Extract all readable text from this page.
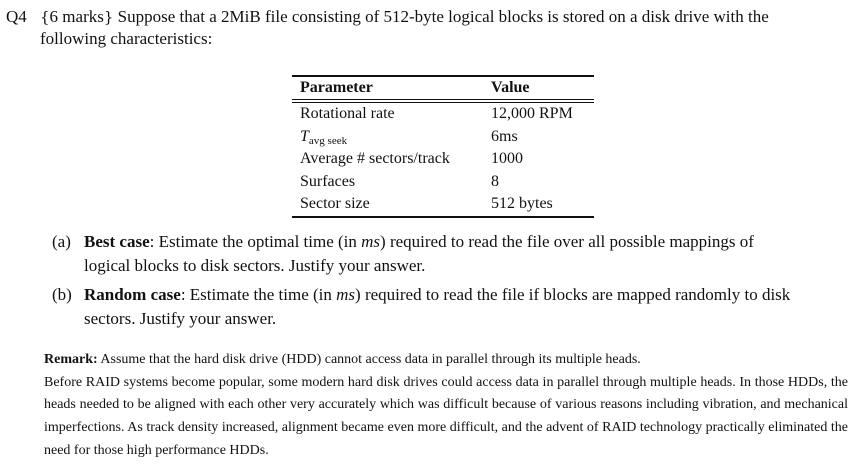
Q4 {6 marks} Suppose that a 2MiB file consisting of 512-byte logical blocks is stored on a disk drive with the
following characteristics:
Parameter	Value
Rotational rate	12,000 RPM
$T_{avg seek}$	6ms
Average # sectors/track	1000
Surfaces	8
Sector size	512 bytes
(a) Best case: Estimate the optimal time (in ms) required to read the file over all possible mappings of
logical blocks to disk sectors. Justify your answer.
(b) Random case: Estimate the time (in ms) required to read the file if blocks are mapped randomly to disk
sectors. Justify your answer.

Remark: Assume that the hard disk drive (HDD) cannot access data in parallel through its multiple heads.

Before RAID systems become popular, some modern hard disk drives could access data in parallel through multiple heads. In those HDDs, the heads needed to be aligned with each other very accurately which was difficult because of various reasons including vibration, and mechanical imperfections. As track density increased, alignment became even more difficult, and the advent of RAID technology practically eliminated the need for those high performance HDDs.
